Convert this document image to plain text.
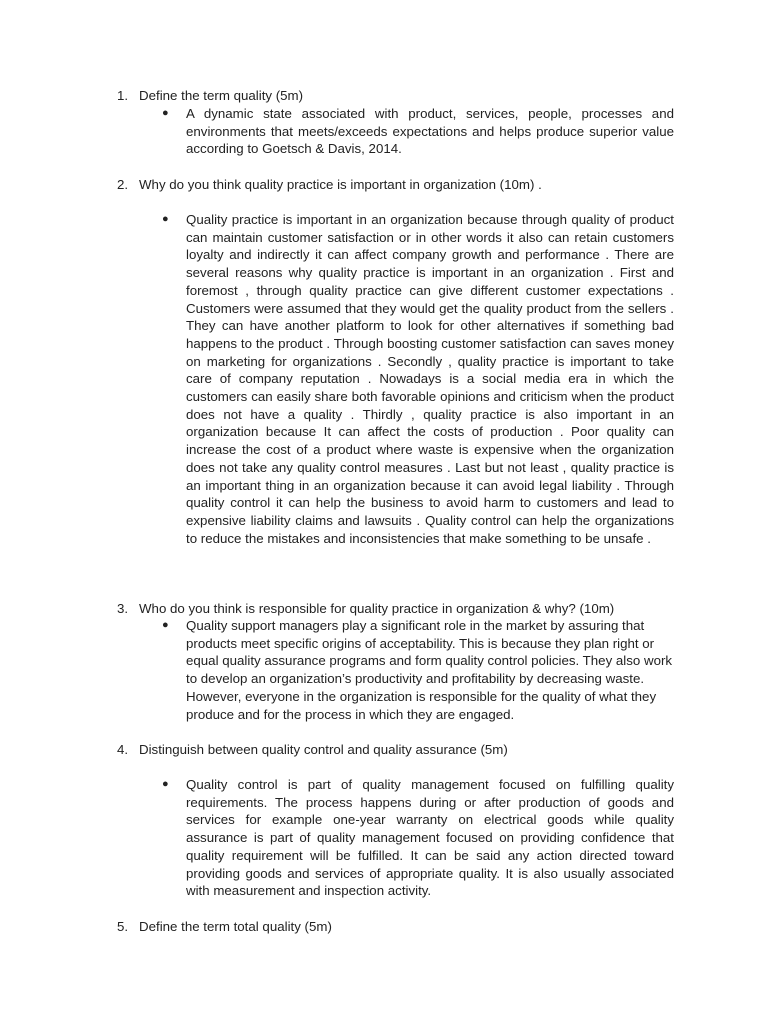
1. Define the term quality (5m)
●	A dynamic state associated with product, services, people, processes and environments that meets/exceeds expectations and helps produce superior value according to Goetsch & Davis, 2014.
2. Why do you think quality practice is important in organization (10m) .
●	Quality practice is important in an organization because through quality of product can maintain customer satisfaction or in other words it also can retain customers loyalty and indirectly it can affect company growth and performance . There are several reasons why quality practice is important in an organization . First and foremost , through quality practice can give different customer expectations . Customers were assumed that they would get the quality product from the sellers . They can have another platform to look for other alternatives if something bad happens to the product . Through boosting customer satisfaction can saves money on marketing for organizations . Secondly , quality practice is important to take care of company reputation . Nowadays is a social media era in which the customers can easily share both favorable opinions and criticism when the product does not have a quality . Thirdly , quality practice is also important in an organization because It can affect the costs of production . Poor quality can increase the cost of a product where waste is expensive when the organization does not take any quality control measures . Last but not least , quality practice is an important thing in an organization because it can avoid legal liability . Through quality control it can help the business to avoid harm to customers and lead to expensive liability claims and lawsuits . Quality control can help the organizations to reduce the mistakes and inconsistencies that make something to be unsafe .
3. Who do you think is responsible for quality practice in organization & why? (10m)
●	Quality support managers play a significant role in the market by assuring that products meet specific origins of acceptability. This is because they plan right or equal quality assurance programs and form quality control policies. They also work to develop an organization’s productivity and profitability by decreasing waste. However, everyone in the organization is responsible for the quality of what they produce and for the process in which they are engaged.
4. Distinguish between quality control and quality assurance (5m)
●	Quality control is part of quality management focused on fulfilling quality requirements. The process happens during or after production of goods and services for example one-year warranty on electrical goods while quality assurance is part of quality management focused on providing confidence that quality requirement will be fulfilled. It can be said any action directed toward providing goods and services of appropriate quality. It is also usually associated with measurement and inspection activity.
5. Define the term total quality (5m)
